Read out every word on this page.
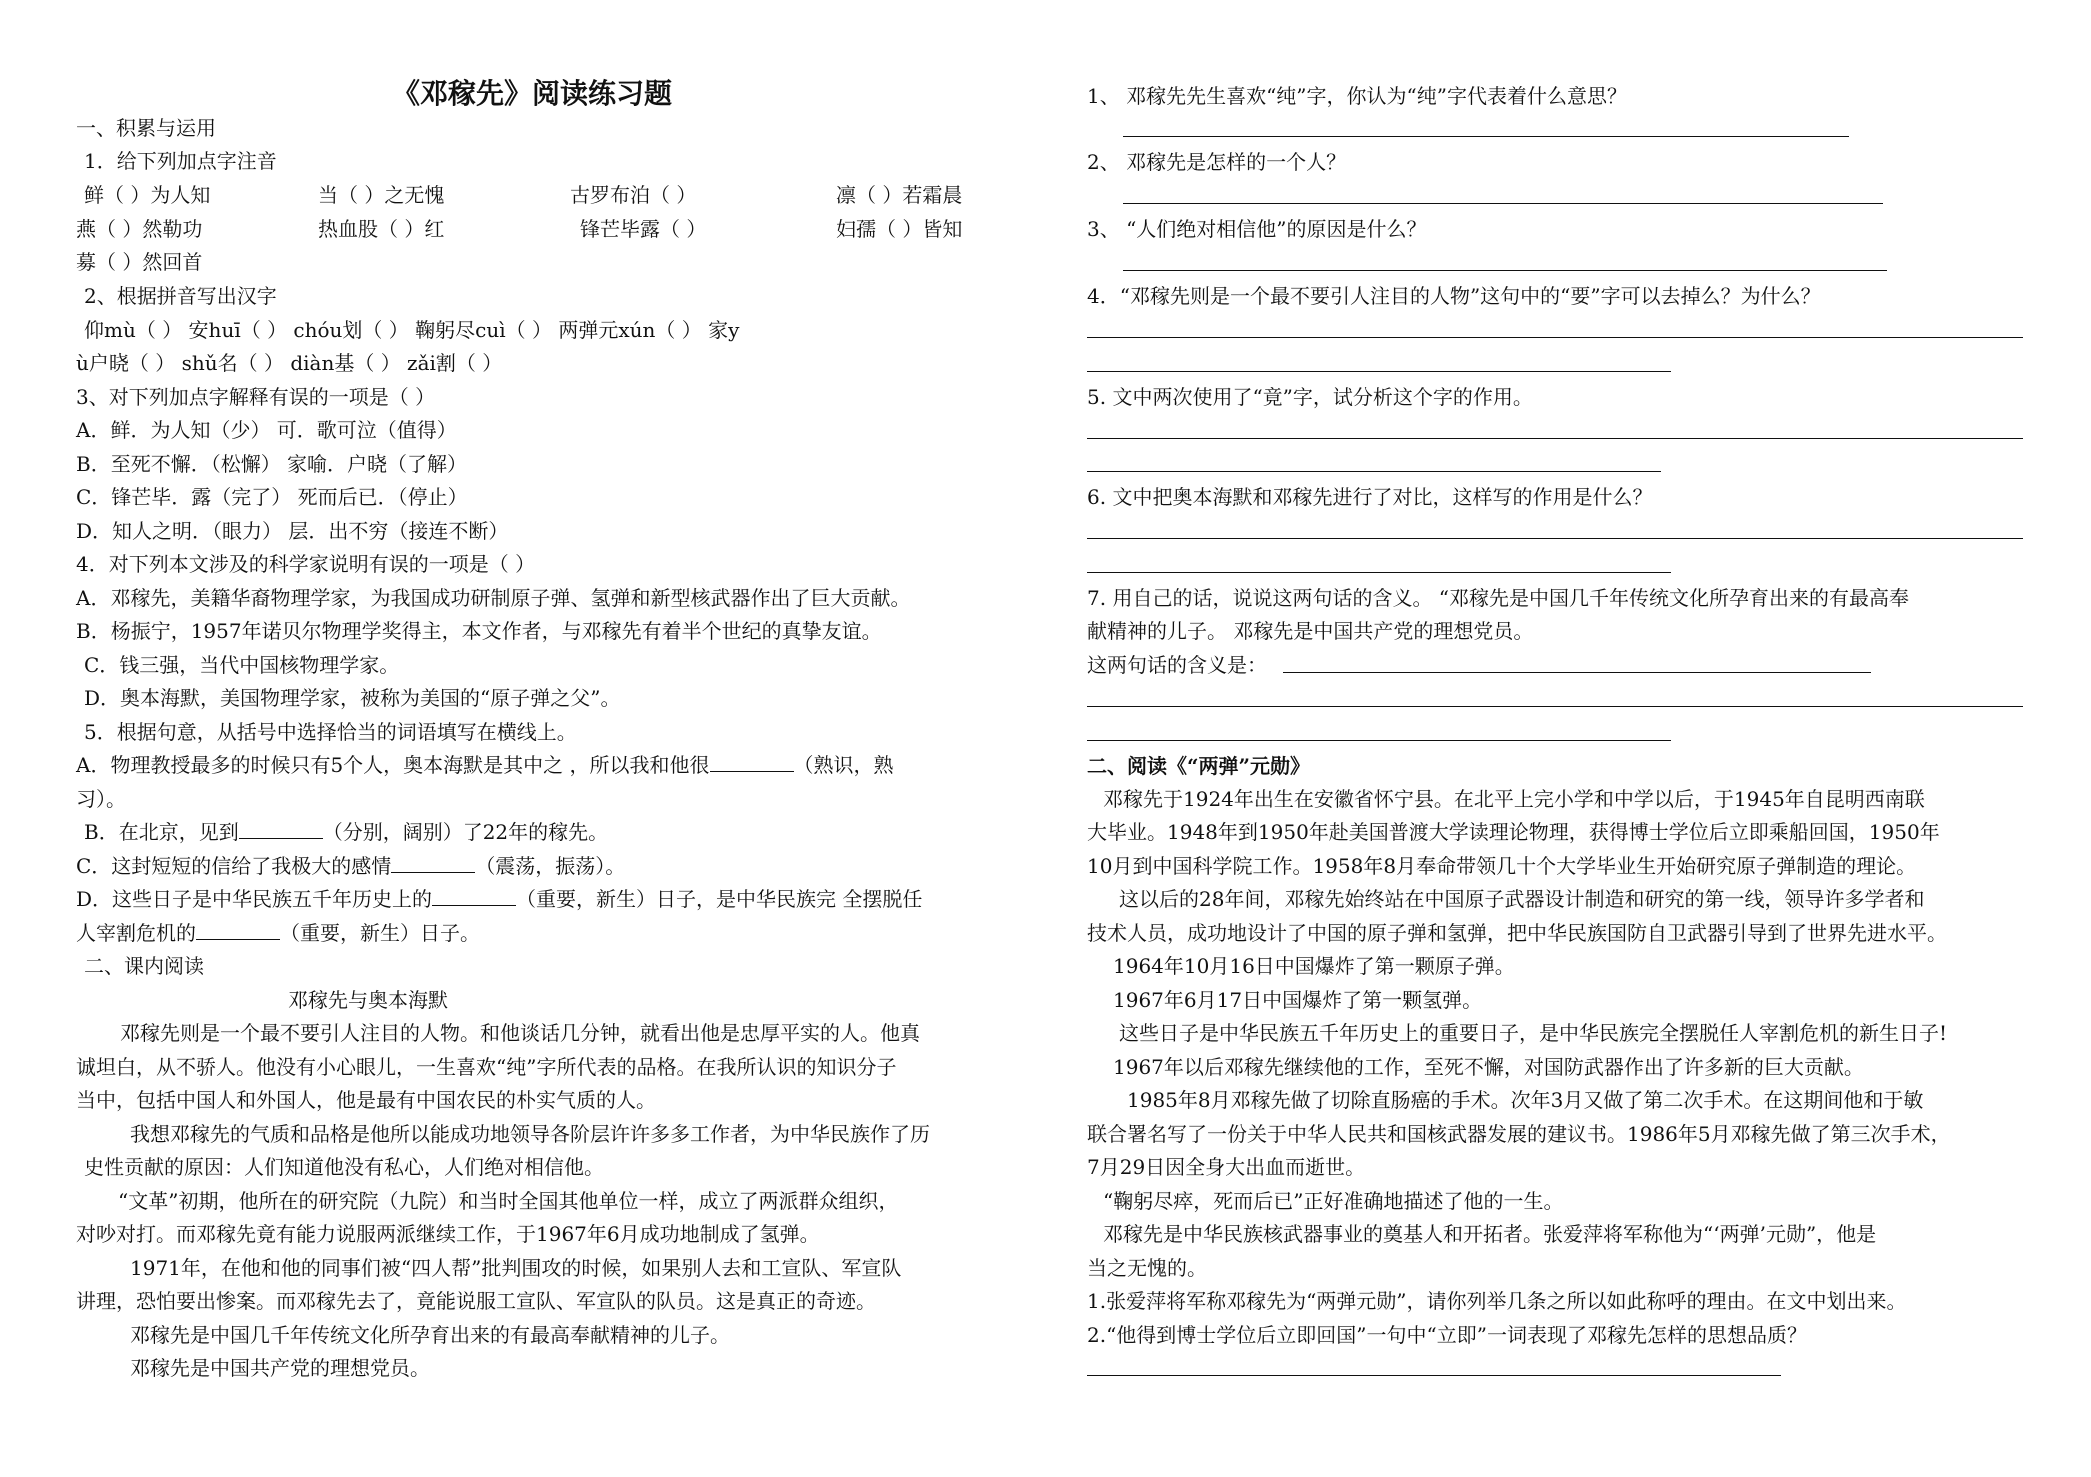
《邓稼先》阅读练习题
一、积累与运用
1．给下列加点字注音
鲜（ ）为人知	当（ ）之无愧	古罗布泊（ ）	凛（ ）若霜晨
燕（ ）然勒功	热血股（ ）红	锋芒毕露（ ）	妇孺（ ）皆知
募（ ）然回首
2、根据拼音写出汉字
仰mù（ ） 安huī（ ） chóu划（ ） 鞠躬尽cuì（ ） 两弹元xún（ ） 家y
ù户晓（ ） shǔ名（ ） diàn基（ ） zǎi割（ ）
3、对下列加点字解释有误的一项是（ ）
A．鲜．为人知（少） 可．歌可泣（值得）
B．至死不懈．（松懈） 家喻．户晓（了解）
C．锋芒毕．露（完了） 死而后已．（停止）
D．知人之明．（眼力） 层．出不穷（接连不断）
4．对下列本文涉及的科学家说明有误的一项是（ ）
A．邓稼先，美籍华裔物理学家，为我国成功研制原子弹、氢弹和新型核武器作出了巨大贡献。
B．杨振宁，1957年诺贝尔物理学奖得主，本文作者，与邓稼先有着半个世纪的真挚友谊。
C．钱三强，当代中国核物理学家。
D．奥本海默，美国物理学家，被称为美国的“原子弹之父”。
5．根据句意，从括号中选择恰当的词语填写在横线上。
A．物理教授最多的时候只有5个人，奥本海默是其中之 ，所以我和他很	（熟识，熟
习）。
B．在北京，见到	（分别，阔别）了22年的稼先。
C．这封短短的信给了我极大的感情	（震荡，振荡）。
D．这些日子是中华民族五千年历史上的	（重要，新生）日子，是中华民族完 全摆脱任
人宰割危机的	（重要，新生）日子。
二、课内阅读
邓稼先与奥本海默
邓稼先则是一个最不要引人注目的人物。和他谈话几分钟，就看出他是忠厚平实的人。他真
诚坦白，从不骄人。他没有小心眼儿，一生喜欢“纯”字所代表的品格。在我所认识的知识分子
当中，包括中国人和外国人，他是最有中国农民的朴实气质的人。
我想邓稼先的气质和品格是他所以能成功地领导各阶层许许多多工作者，为中华民族作了历
史性贡献的原因：人们知道他没有私心，人们绝对相信他。
“文革”初期，他所在的研究院（九院）和当时全国其他单位一样，成立了两派群众组织，
对吵对打。而邓稼先竟有能力说服两派继续工作，于1967年6月成功地制成了氢弹。
1971年，在他和他的同事们被“四人帮”批判围攻的时候，如果别人去和工宣队、军宣队
讲理，恐怕要出惨案。而邓稼先去了，竟能说服工宣队、军宣队的队员。这是真正的奇迹。
邓稼先是中国几千年传统文化所孕育出来的有最高奉献精神的儿子。
邓稼先是中国共产党的理想党员。
1、 邓稼先先生喜欢“纯”字，你认为“纯”字代表着什么意思？
2、 邓稼先是怎样的一个人？
3、 “人们绝对相信他”的原因是什么？
4．“邓稼先则是一个最不要引人注目的人物”这句中的“要”字可以去掉么？为什么？
5. 文中两次使用了“竟”字，试分析这个字的作用。
6. 文中把奥本海默和邓稼先进行了对比，这样写的作用是什么？
7. 用自己的话，说说这两句话的含义。 “邓稼先是中国几千年传统文化所孕育出来的有最高奉
献精神的儿子。 邓稼先是中国共产党的理想党员。
这两句话的含义是：
二、阅读《“两弹”元勋》
邓稼先于1924年出生在安徽省怀宁县。在北平上完小学和中学以后，于1945年自昆明西南联
大毕业。1948年到1950年赴美国普渡大学读理论物理，获得博士学位后立即乘船回国，1950年
10月到中国科学院工作。1958年8月奉命带领几十个大学毕业生开始研究原子弹制造的理论。
这以后的28年间，邓稼先始终站在中国原子武器设计制造和研究的第一线，领导许多学者和
技术人员，成功地设计了中国的原子弹和氢弹，把中华民族国防自卫武器引导到了世界先进水平。
1964年10月16日中国爆炸了第一颗原子弹。
1967年6月17日中国爆炸了第一颗氢弹。
这些日子是中华民族五千年历史上的重要日子，是中华民族完全摆脱任人宰割危机的新生日子!
1967年以后邓稼先继续他的工作，至死不懈，对国防武器作出了许多新的巨大贡献。
1985年8月邓稼先做了切除直肠癌的手术。次年3月又做了第二次手术。在这期间他和于敏
联合署名写了一份关于中华人民共和国核武器发展的建议书。1986年5月邓稼先做了第三次手术，
7月29日因全身大出血而逝世。
“鞠躬尽瘁，死而后已”正好准确地描述了他的一生。
邓稼先是中华民族核武器事业的奠基人和开拓者。张爱萍将军称他为“‘两弹’元勋”，他是
当之无愧的。
1.张爱萍将军称邓稼先为“两弹元勋”，请你列举几条之所以如此称呼的理由。在文中划出来。
2.“他得到博士学位后立即回国”一句中“立即”一词表现了邓稼先怎样的思想品质？
